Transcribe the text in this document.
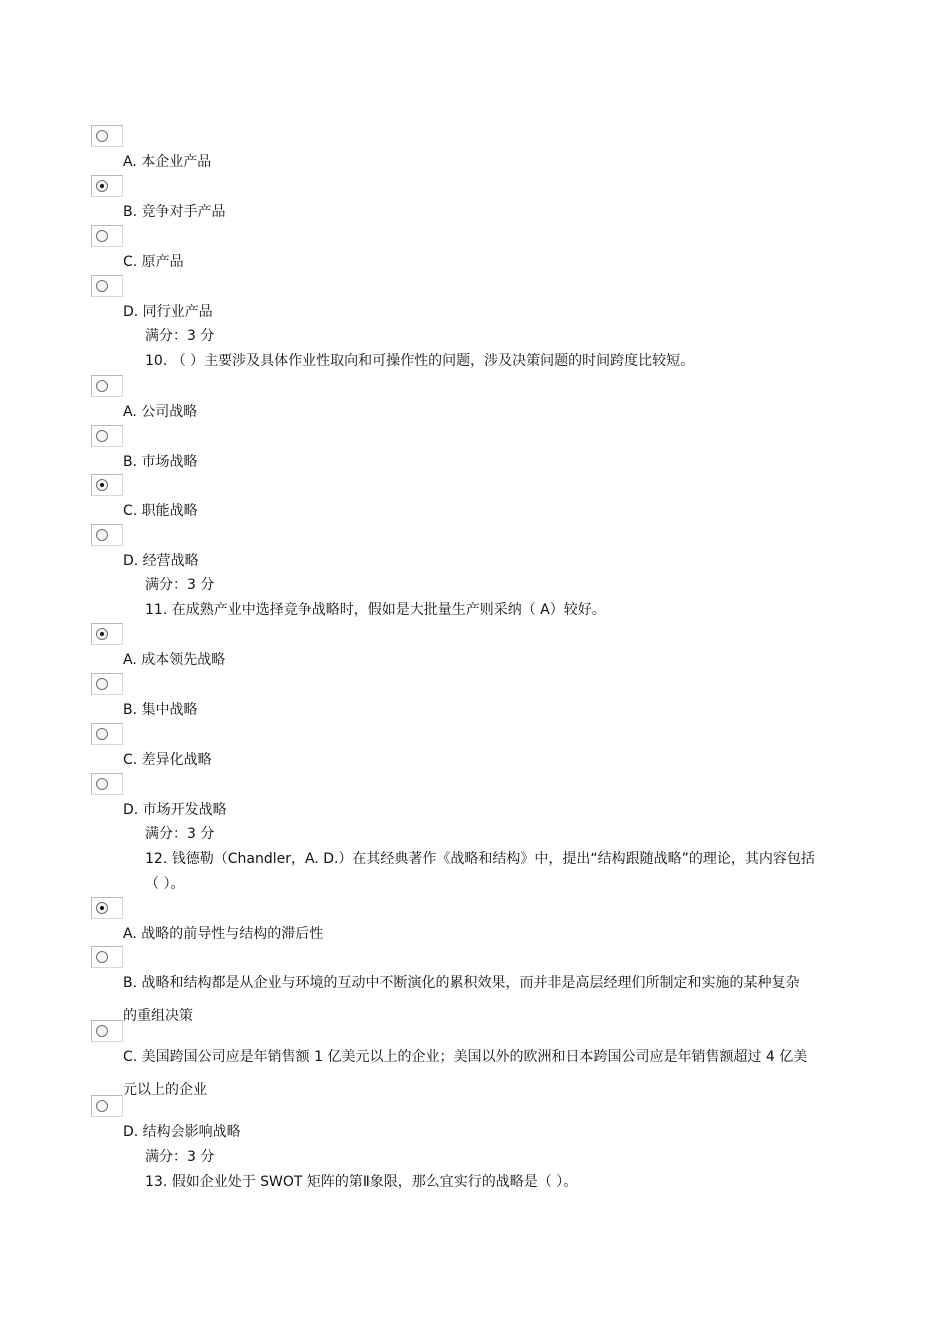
A. 本企业产品
B. 竞争对手产品
C. 原产品
D. 同行业产品
满分：3 分
10. （ ）主要涉及具体作业性取向和可操作性的问题，涉及决策问题的时间跨度比较短。
A. 公司战略
B. 市场战略
C. 职能战略
D. 经营战略
满分：3 分
11. 在成熟产业中选择竞争战略时，假如是大批量生产则采纳（ A）较好。
A. 成本领先战略
B. 集中战略
C. 差异化战略
D. 市场开发战略
满分：3 分
12. 钱德勒（Chandler，A. D.）在其经典著作《战略和结构》中，提出“结构跟随战略”的理论，其内容包括（ ）。
A. 战略的前导性与结构的滞后性
B. 战略和结构都是从企业与环境的互动中不断演化的累积效果，而并非是高层经理们所制定和实施的某种复杂的重组决策
C. 美国跨国公司应是年销售额 1 亿美元以上的企业；美国以外的欧洲和日本跨国公司应是年销售额超过 4 亿美元以上的企业
D. 结构会影响战略
满分：3 分
13. 假如企业处于 SWOT 矩阵的第Ⅱ象限，那么宜实行的战略是（ ）。
